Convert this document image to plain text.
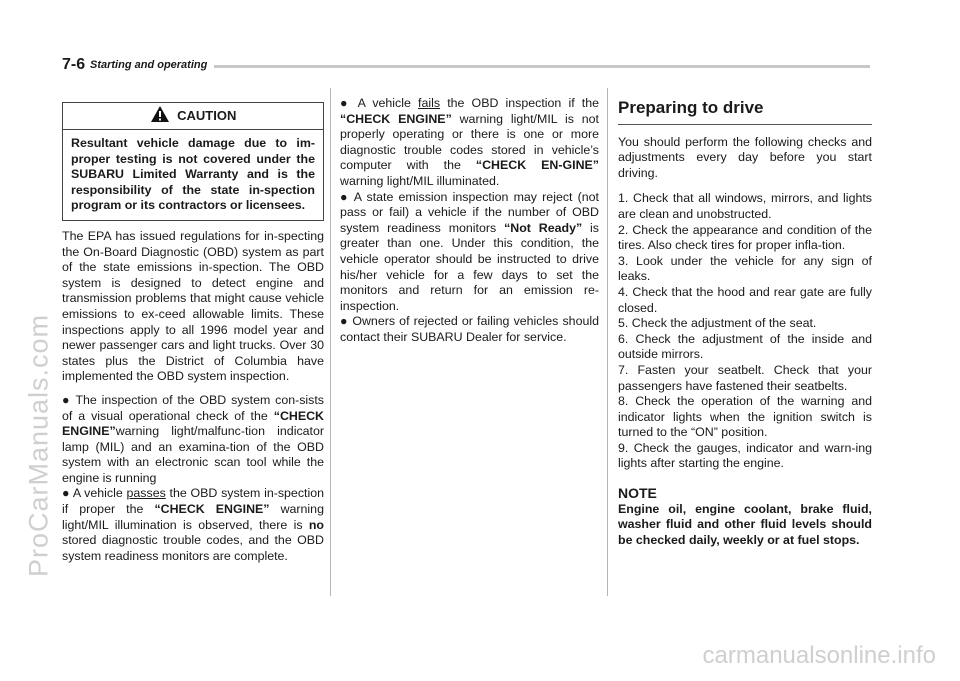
7-6 Starting and operating
CAUTION
Resultant vehicle damage due to im-proper testing is not covered under the SUBARU Limited Warranty and is the responsibility of the state in-spection program or its contractors or licensees.

The EPA has issued regulations for in-specting the On-Board Diagnostic (OBD) system as part of the state emissions in-spection. The OBD system is designed to detect engine and transmission problems that might cause vehicle emissions to ex-ceed allowable limits. These inspections apply to all 1996 model year and newer passenger cars and light trucks. Over 30 states plus the District of Columbia have implemented the OBD system inspection.

● The inspection of the OBD system con-sists of a visual operational check of the “CHECK ENGINE”warning light/malfunc-tion indicator lamp (MIL) and an examina-tion of the OBD system with an electronic scan tool while the engine is running

● A vehicle passes the OBD system in-spection if proper the “CHECK ENGINE” warning light/MIL illumination is observed, there is no stored diagnostic trouble codes, and the OBD system readiness monitors are complete.

● A vehicle fails the OBD inspection if the “CHECK ENGINE” warning light/MIL is not properly operating or there is one or more diagnostic trouble codes stored in vehicle’s computer with the “CHECK EN-GINE” warning light/MIL illuminated.

● A state emission inspection may reject (not pass or fail) a vehicle if the number of OBD system readiness monitors “Not Ready” is greater than one. Under this condition, the vehicle operator should be instructed to drive his/her vehicle for a few days to set the monitors and return for an emission re-inspection.

● Owners of rejected or failing vehicles should contact their SUBARU Dealer for service.

Preparing to drive

You should perform the following checks and adjustments every day before you start driving.

1. Check that all windows, mirrors, and lights are clean and unobstructed.
2. Check the appearance and condition of the tires. Also check tires for proper infla-tion.
3. Look under the vehicle for any sign of leaks.
4. Check that the hood and rear gate are fully closed.
5. Check the adjustment of the seat.
6. Check the adjustment of the inside and outside mirrors.
7. Fasten your seatbelt. Check that your passengers have fastened their seatbelts.
8. Check the operation of the warning and indicator lights when the ignition switch is turned to the “ON” position.
9. Check the gauges, indicator and warn-ing lights after starting the engine.
NOTE

Engine oil, engine coolant, brake fluid, washer fluid and other fluid levels should be checked daily, weekly or at fuel stops.

ProCarManuals.com
carmanualsonline.info
